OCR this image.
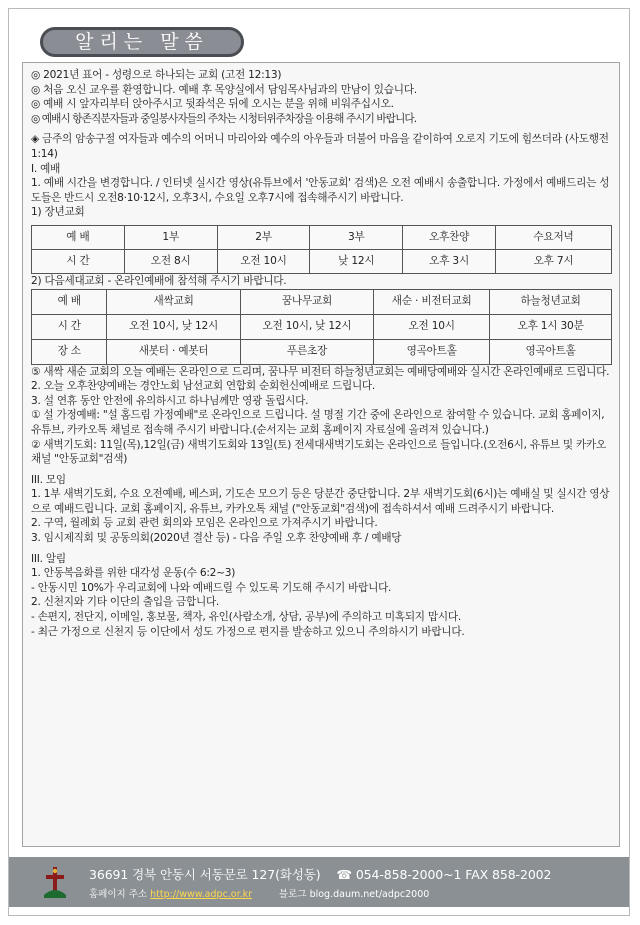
알리는 말씀
◎ 2021년 표어 - 성령으로 하나되는 교회 (고전 12:13)
◎ 처음 오신 교우를 환영합니다. 예배 후 목양실에서 담임목사님과의 만남이 있습니다.
◎ 예배 시 앞자리부터 앉아주시고 뒷좌석은 뒤에 오시는 분을 위해 비워주십시오.
◎ 예배시 항존직분자들과 중일봉사자들의 주차는 시청터위주차장을 이용해 주시기 바랍니다.
◈ 금주의 암송구절 여자들과 예수의 어머니 마리아와 예수의 아우들과 더불어 마음을 같이하여 오로지 기도에 힘쓰더라 (사도행전 1:14)
I. 예배
1. 예배 시간을 변경합니다. / 인터넷 실시간 영상(유튜브에서 '안동교회' 검색)은 오전 예배시 송출합니다. 가정에서 예배드리는 성도들은 반드시 오전8·10·12시, 오후3시, 수요일 오후7시에 접속해주시기 바랍니다.
1) 장년교회
예 배	1부	2부	3부	오후찬양	수요저녁
시 간	오전 8시	오전 10시	낮 12시	오후 3시	오후 7시
2) 다음세대교회 - 온라인예배에 참석해 주시기 바랍니다.
예 배	새싹교회	꿈나무교회	새순 · 비전터교회	하늘청년교회
시 간	오전 10시, 낮 12시	오전 10시, 낮 12시	오전 10시	오후 1시 30분
장 소	새봇터 · 예봇터	푸른초장	영곡아트홀	영곡아트홀
⑤ 새싹 새순 교회의 오늘 예배는 온라인으로 드리며, 꿈나무 비전터 하늘청년교회는 예배당예배와 실시간 온라인예배로 드립니다.
2. 오늘 오후찬양예배는 경안노회 남선교회 연합회 순회헌신예배로 드립니다.
3. 설 연휴 동안 안전에 유의하시고 하나님께만 영광 돌립시다.
① 설 가정예배: "설 홈드림 가정예배"로 온라인으로 드립니다. 설 명절 기간 중에 온라인으로 참여할 수 있습니다. 교회 홈페이지, 유튜브, 카카오톡 채널로 접속해 주시기 바랍니다.(순서지는 교회 홈페이지 자료실에 올려져 있습니다.)
② 새벽기도회: 11일(목),12일(금) 새벽기도회와 13일(토) 전세대새벽기도회는 온라인으로 들입니다.(오전6시, 유튜브 및 카카오채널 "안동교회"검색)
III. 모임
1. 1부 새벽기도회, 수요 오전예배, 베스퍼, 기도손 모으기 등은 당분간 중단합니다. 2부 새벽기도회(6시)는 예배실 및 실시간 영상으로 예배드립니다. 교회 홈페이지, 유튜브, 카카오톡 채널 ("안동교회"검색)에 접속하셔서 예배 드려주시기 바랍니다.
2. 구역, 월례회 등 교회 관련 회의와 모임은 온라인으로 가져주시기 바랍니다.
3. 임시제직회 및 공동의회(2020년 결산 등) - 다음 주일 오후 찬양예배 후 / 예배당
III. 알림
1. 안동복음화를 위한 대각성 운동(수 6:2~3)
- 안동시민 10%가 우리교회에 나와 예배드릴 수 있도록 기도해 주시기 바랍니다.
2. 신천지와 기타 이단의 출입을 금합니다.
- 손편지, 전단지, 이메일, 홍보물, 책자, 유인(사람소개, 상담, 공부)에 주의하고 미혹되지 맙시다.
- 최근 가정으로 신천지 등 이단에서 성도 가정으로 편지를 발송하고 있으니 주의하시기 바랍니다.
36691 경북 안동시 서동문로 127(화성동) ☎ 054-858-2000~1 FAX 858-2002
홈페이지 주소 http://www.adpc.or.kr	블로그 blog.daum.net/adpc2000
